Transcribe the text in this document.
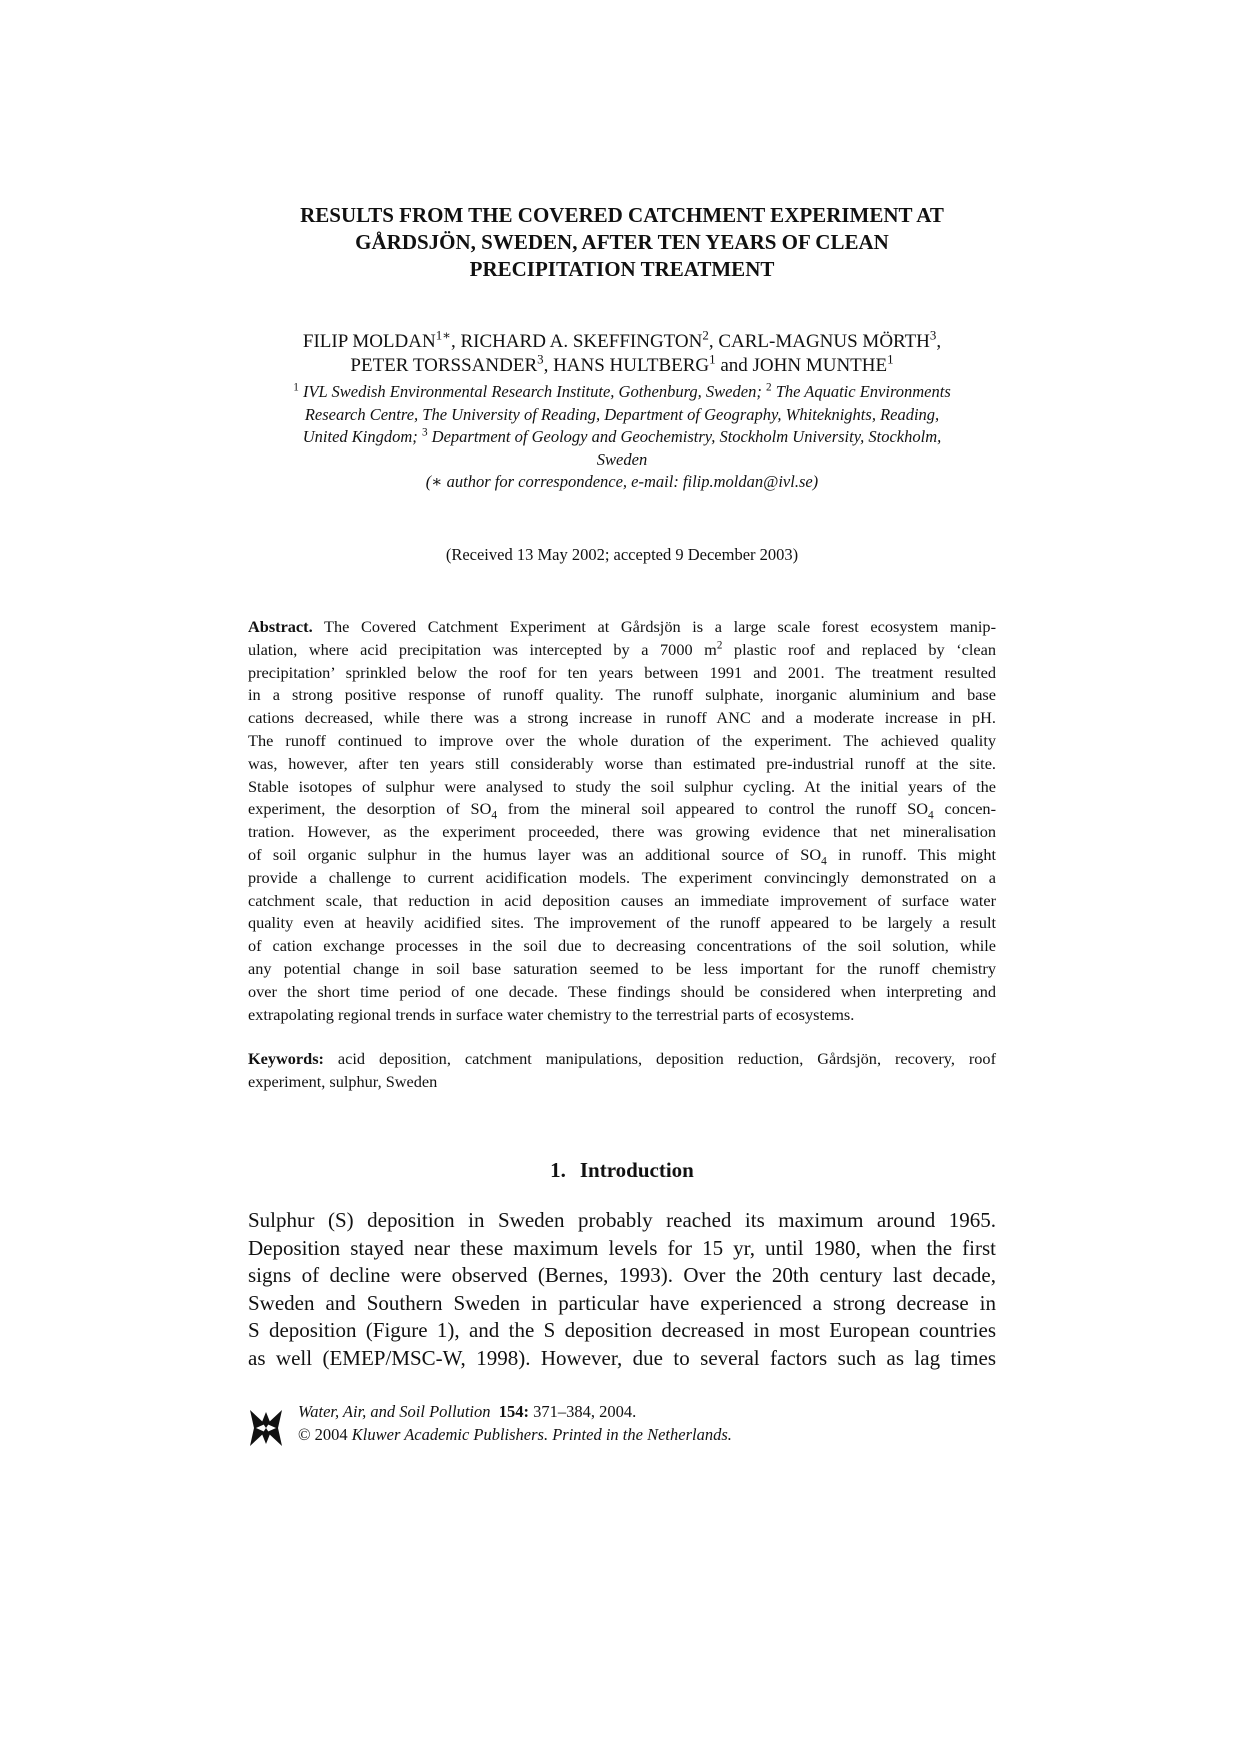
RESULTS FROM THE COVERED CATCHMENT EXPERIMENT AT
GÅRDSJÖN, SWEDEN, AFTER TEN YEARS OF CLEAN
PRECIPITATION TREATMENT
FILIP $MOLDAN^{1∗}$, RICHARD A. SKEFFINGTON$^2$, CARL-MAGNUS MÖRTH$^3$,
PETER TORSSANDER$^3$, HANS HULTBERG$^1$ and JOHN MUNTHE$^1$
$^1$ IVL Swedish Environmental Research Institute, Gothenburg, Sweden; $^2$ The Aquatic Environments
Research Centre, The University of Reading, Department of Geography, Whiteknights, Reading,
United Kingdom; $^3$ Department of Geology and Geochemistry, Stockholm University, Stockholm,
Sweden
(∗ author for correspondence, e-mail: filip.moldan@ivl.se)
(Received 13 May 2002; accepted 9 December 2003)
Abstract. The Covered Catchment Experiment at Gårdsjön is a large scale forest ecosystem manip-
ulation, where acid precipitation was intercepted by a 7000 $m^2$ plastic roof and replaced by ‘clean
precipitation’ sprinkled below the roof for ten years between 1991 and 2001. The treatment resulted
in a strong positive response of runoff quality. The runoff sulphate, inorganic aluminium and base
cations decreased, while there was a strong increase in runoff ANC and a moderate increase in pH.
The runoff continued to improve over the whole duration of the experiment. The achieved quality
was, however, after ten years still considerably worse than estimated pre-industrial runoff at the site.
Stable isotopes of sulphur were analysed to study the soil sulphur cycling. At the initial years of the
experiment, the desorption of $SO_4$ from the mineral soil appeared to control the runoff $SO_4$ concen-
tration. However, as the experiment proceeded, there was growing evidence that net mineralisation
of soil organic sulphur in the humus layer was an additional source of $SO_4$ in runoff. This might
provide a challenge to current acidification models. The experiment convincingly demonstrated on a
catchment scale, that reduction in acid deposition causes an immediate improvement of surface water
quality even at heavily acidified sites. The improvement of the runoff appeared to be largely a result
of cation exchange processes in the soil due to decreasing concentrations of the soil solution, while
any potential change in soil base saturation seemed to be less important for the runoff chemistry
over the short time period of one decade. These findings should be considered when interpreting and
extrapolating regional trends in surface water chemistry to the terrestrial parts of ecosystems.
Keywords: acid deposition, catchment manipulations, deposition reduction, Gårdsjön, recovery, roof
experiment, sulphur, Sweden
1. Introduction
Sulphur (S) deposition in Sweden probably reached its maximum around 1965.
Deposition stayed near these maximum levels for 15 yr, until 1980, when the first
signs of decline were observed (Bernes, 1993). Over the 20th century last decade,
Sweden and Southern Sweden in particular have experienced a strong decrease in
S deposition (Figure 1), and the S deposition decreased in most European countries
as well (EMEP/MSC-W, 1998). However, due to several factors such as lag times
Water, Air, and Soil Pollution 154: 371–384, 2004.
© 2004 Kluwer Academic Publishers. Printed in the Netherlands.
